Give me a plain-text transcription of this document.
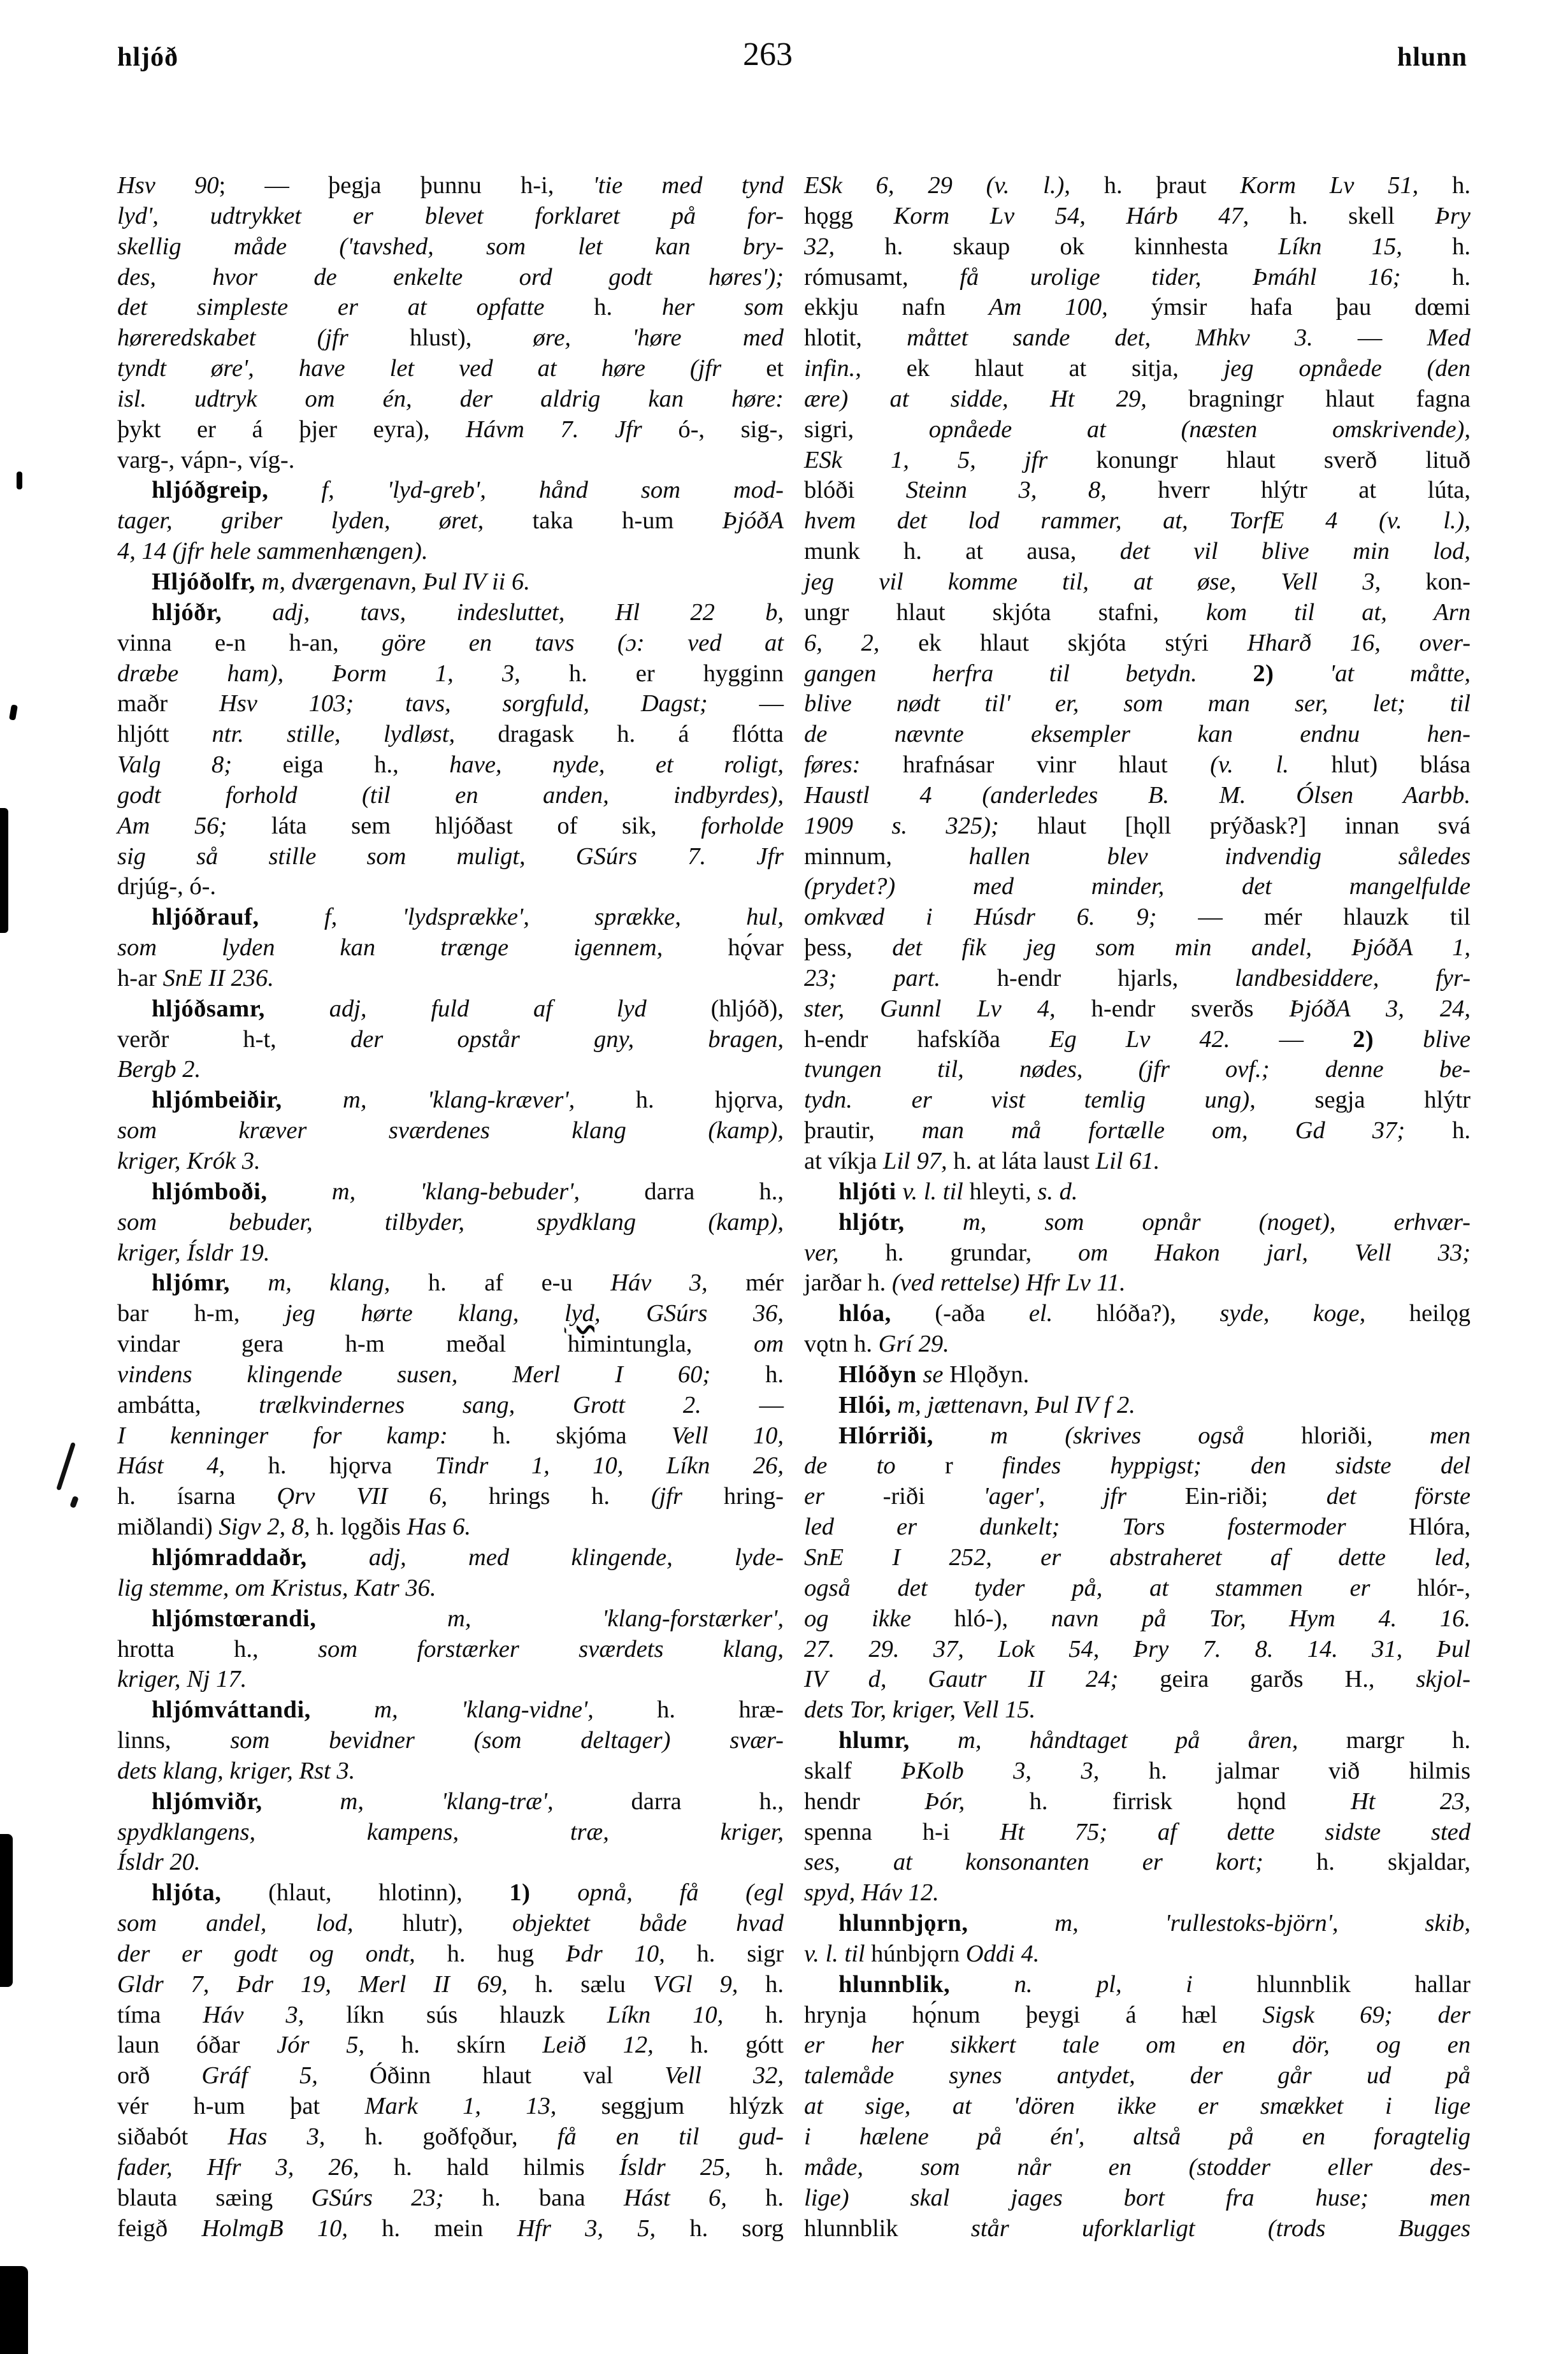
hljóð	263	hlunn
Hsv 90; — þegja þunnu h-i, 'tie med tynd
lyd', udtrykket er blevet forklaret på for-
skellig måde ('tavshed, som let kan bry-
des, hvor de enkelte ord godt høres');
det simpleste er at opfatte h. her som
høreredskabet (jfr hlust), øre, 'høre med
tyndt øre', have let ved at høre (jfr et
isl. udtryk om én, der aldrig kan høre:
þykt er á þjer eyra), Hávm 7. Jfr ó-, sig-,
varg-, vápn-, víg-.
hljóðgreip, f, 'lyd-greb', hånd som mod-
tager, griber lyden, øret, taka h-um ÞjóðA
4, 14 (jfr hele sammenhængen).
Hljóðolfr, m, dværgenavn, Þul IV ii 6.
hljóðr, adj, tavs, indesluttet, Hl 22 b,
vinna e-n h-an, göre en tavs (ɔ: ved at
dræbe ham), Þorm 1, 3, h. er hygginn
maðr Hsv 103; tavs, sorgfuld, Dagst; —
hljótt ntr. stille, lydløst, dragask h. á flótta
Valg 8; eiga h., have, nyde, et roligt,
godt forhold (til en anden, indbyrdes),
Am 56; láta sem hljóðast of sik, forholde
sig så stille som muligt, GSúrs 7. Jfr
drjúg-, ó-.
hljóðrauf,	f, 'lydsprække', sprække, hul,
som lyden kan trænge igennem, hǫ́var
h-ar SnE II 236.
hljóðsamr,	adj, fuld af lyd (hljóð),
verðr h-t, der opstår gny, bragen,
Bergb 2.
hljómbeiðir, m, 'klang-kræver', h. hjǫrva,
som kræver sværdenes klang (kamp),
kriger, Krók 3.
hljómboði,	m, 'klang-bebuder', darra h.,
som bebuder, tilbyder, spydklang (kamp),
kriger, Ísldr 19.
hljómr, m, klang, h. af e-u Háv 3, mér
bar h-m, jeg hørte klang, lyd, GSúrs 36,
vindar gera h-m meðal himintungla, om
vindens klingende susen, Merl I 60; h.
ambátta, trælkvindernes sang, Grott 2. —
I kenninger for kamp: h. skjóma Vell 10,
Hást 4, h. hjǫrva Tindr 1, 10, Líkn 26,
h. ísarna Ǫrv VII 6, hrings h. (jfr hring-
miðlandi) Sigv 2, 8, h. lǫgðis Has 6.
hljómraddaðr,	adj, med klingende, lyde-
lig stemme, om Kristus, Katr 36.
hljómstœrandi,	m, 'klang-forstærker',
hrotta h., som forstærker sværdets klang,
kriger, Nj 17.
hljómváttandi,	m, 'klang-vidne', h. hræ-
linns, som bevidner (som deltager) svær-
dets klang, kriger, Rst 3.
hljómviðr,	m, 'klang-træ', darra h.,
spydklangens, kampens, træ, kriger,
Ísldr 20.
hljóta, (hlaut, hlotinn), 1) opnå, få (egl
som andel, lod, hlutr), objektet både hvad
der er godt og ondt, h. hug Þdr 10, h. sigr
Gldr 7, Þdr 19, Merl II 69, h. sælu VGl 9, h.
tíma Háv 3, líkn sús hlauzk Líkn 10, h.
laun óðar Jór 5, h. skírn Leið 12, h. gótt
orð Gráf 5, Óðinn hlaut val Vell 32,
vér h-um þat Mark 1, 13, seggjum hlýzk
siðabót Has 3, h. goðfǫður, få en til gud-
fader, Hfr 3, 26, h. hald hilmis Ísldr 25, h.
blauta sæing GSúrs 23; h. bana Hást 6, h.
feigð HolmgB 10, h. mein Hfr 3, 5, h. sorg
ESk 6, 29 (v. l.), h. þraut Korm Lv 51, h.
hǫgg Korm Lv 54, Hárb 47, h. skell Þry
32, h. skaup ok kinnhesta Líkn 15, h.
rómusamt, få urolige tider, Þmáhl 16; h.
ekkju nafn Am 100, ýmsir hafa þau dœmi
hlotit, måttet sande det, Mhkv 3. — Med
infin., ek hlaut at sitja, jeg opnåede (den
ære) at sidde, Ht 29, bragningr hlaut fagna
sigri, opnåede at (næsten omskrivende),
ESk 1, 5, jfr konungr hlaut sverð lituð
blóði Steinn 3, 8, hverr hlýtr at lúta,
hvem det lod rammer, at, TorfE 4 (v. l.),
munk h. at ausa, det vil blive min lod,
jeg vil komme til, at øse, Vell 3, kon-
ungr hlaut skjóta stafni, kom til at, Arn
6, 2, ek hlaut skjóta stýri Hharð 16, over-
gangen herfra til betydn. 2) 'at måtte,
blive nødt til' er, som man ser, let; til
de nævnte eksempler kan endnu hen-
føres: hrafnásar vinr hlaut (v. l. hlut) blása
Haustl 4 (anderledes B. M. Ólsen Aarbb.
1909 s. 325); hlaut [hǫll prýðask?] innan svá
minnum, hallen blev indvendig således
(prydet?) med minder, det mangelfulde
omkvæd i Húsdr 6. 9; — mér hlauzk til
þess, det fik jeg som min andel, ÞjóðA 1,
23; part. h-endr hjarls, landbesiddere, fyr-
ster, Gunnl Lv 4, h-endr sverðs ÞjóðA 3, 24,
h-endr hafskíða Eg Lv 42. — 2) blive
tvungen til, nødes, (jfr ovf.; denne be-
tydn. er vist temlig ung), segja hlýtr
þrautir, man må fortælle om, Gd 37; h.
at víkja Lil 97, h. at láta laust Lil 61.
hljóti v. l. til hleyti, s. d.
hljótr, m, som opnår (noget), erhvær-
ver, h. grundar, om Hakon jarl, Vell 33;
jarðar h. (ved rettelse) Hfr Lv 11.
hlóa, (-aða el. hlóða?), syde, koge, heilǫg
vǫtn h. Grí 29.
Hlóðyn se Hlǫðyn.
Hlói, m, jættenavn, Þul IV f 2.
Hlórriði, m (skrives også hloriði, men
de to r findes hyppigst; den sidste del
er -riði 'ager', jfr Ein-riði; det förste
led er dunkelt; Tors fostermoder Hlóra,
SnE I 252, er abstraheret af dette led,
også det tyder på, at stammen er hlór-,
og ikke hló-), navn på Tor, Hym 4. 16.
27. 29. 37, Lok 54, Þry 7. 8. 14. 31, Þul
IV d, Gautr II 24; geira garðs H., skjol-
dets Tor, kriger, Vell 15.
hlumr, m, håndtaget på åren, margr h.
skalf ÞKolb 3, 3, h. jalmar við hilmis
hendr Þór, h. firrisk hǫnd Ht 23,
spenna h-i Ht 75; af dette sidste sted
ses, at konsonanten er kort; h. skjaldar,
spyd, Háv 12.
hlunnbjǫrn,	m, 'rullestoks-björn', skib,
v. l. til húnbjǫrn Oddi 4.
hlunnblik,	n. pl, i hlunnblik hallar
hrynja hǫ́num þeygi á hæl Sigsk 69; der
er her sikkert tale om en dör, og en
talemåde synes antydet, der går ud på
at sige, at 'dören ikke er smækket i lige
i hælene på én', altså på en foragtelig
måde, som når en (stodder eller des-
lige) skal jages bort fra huse; men
hlunnblik står uforklarligt (trods Bugges
